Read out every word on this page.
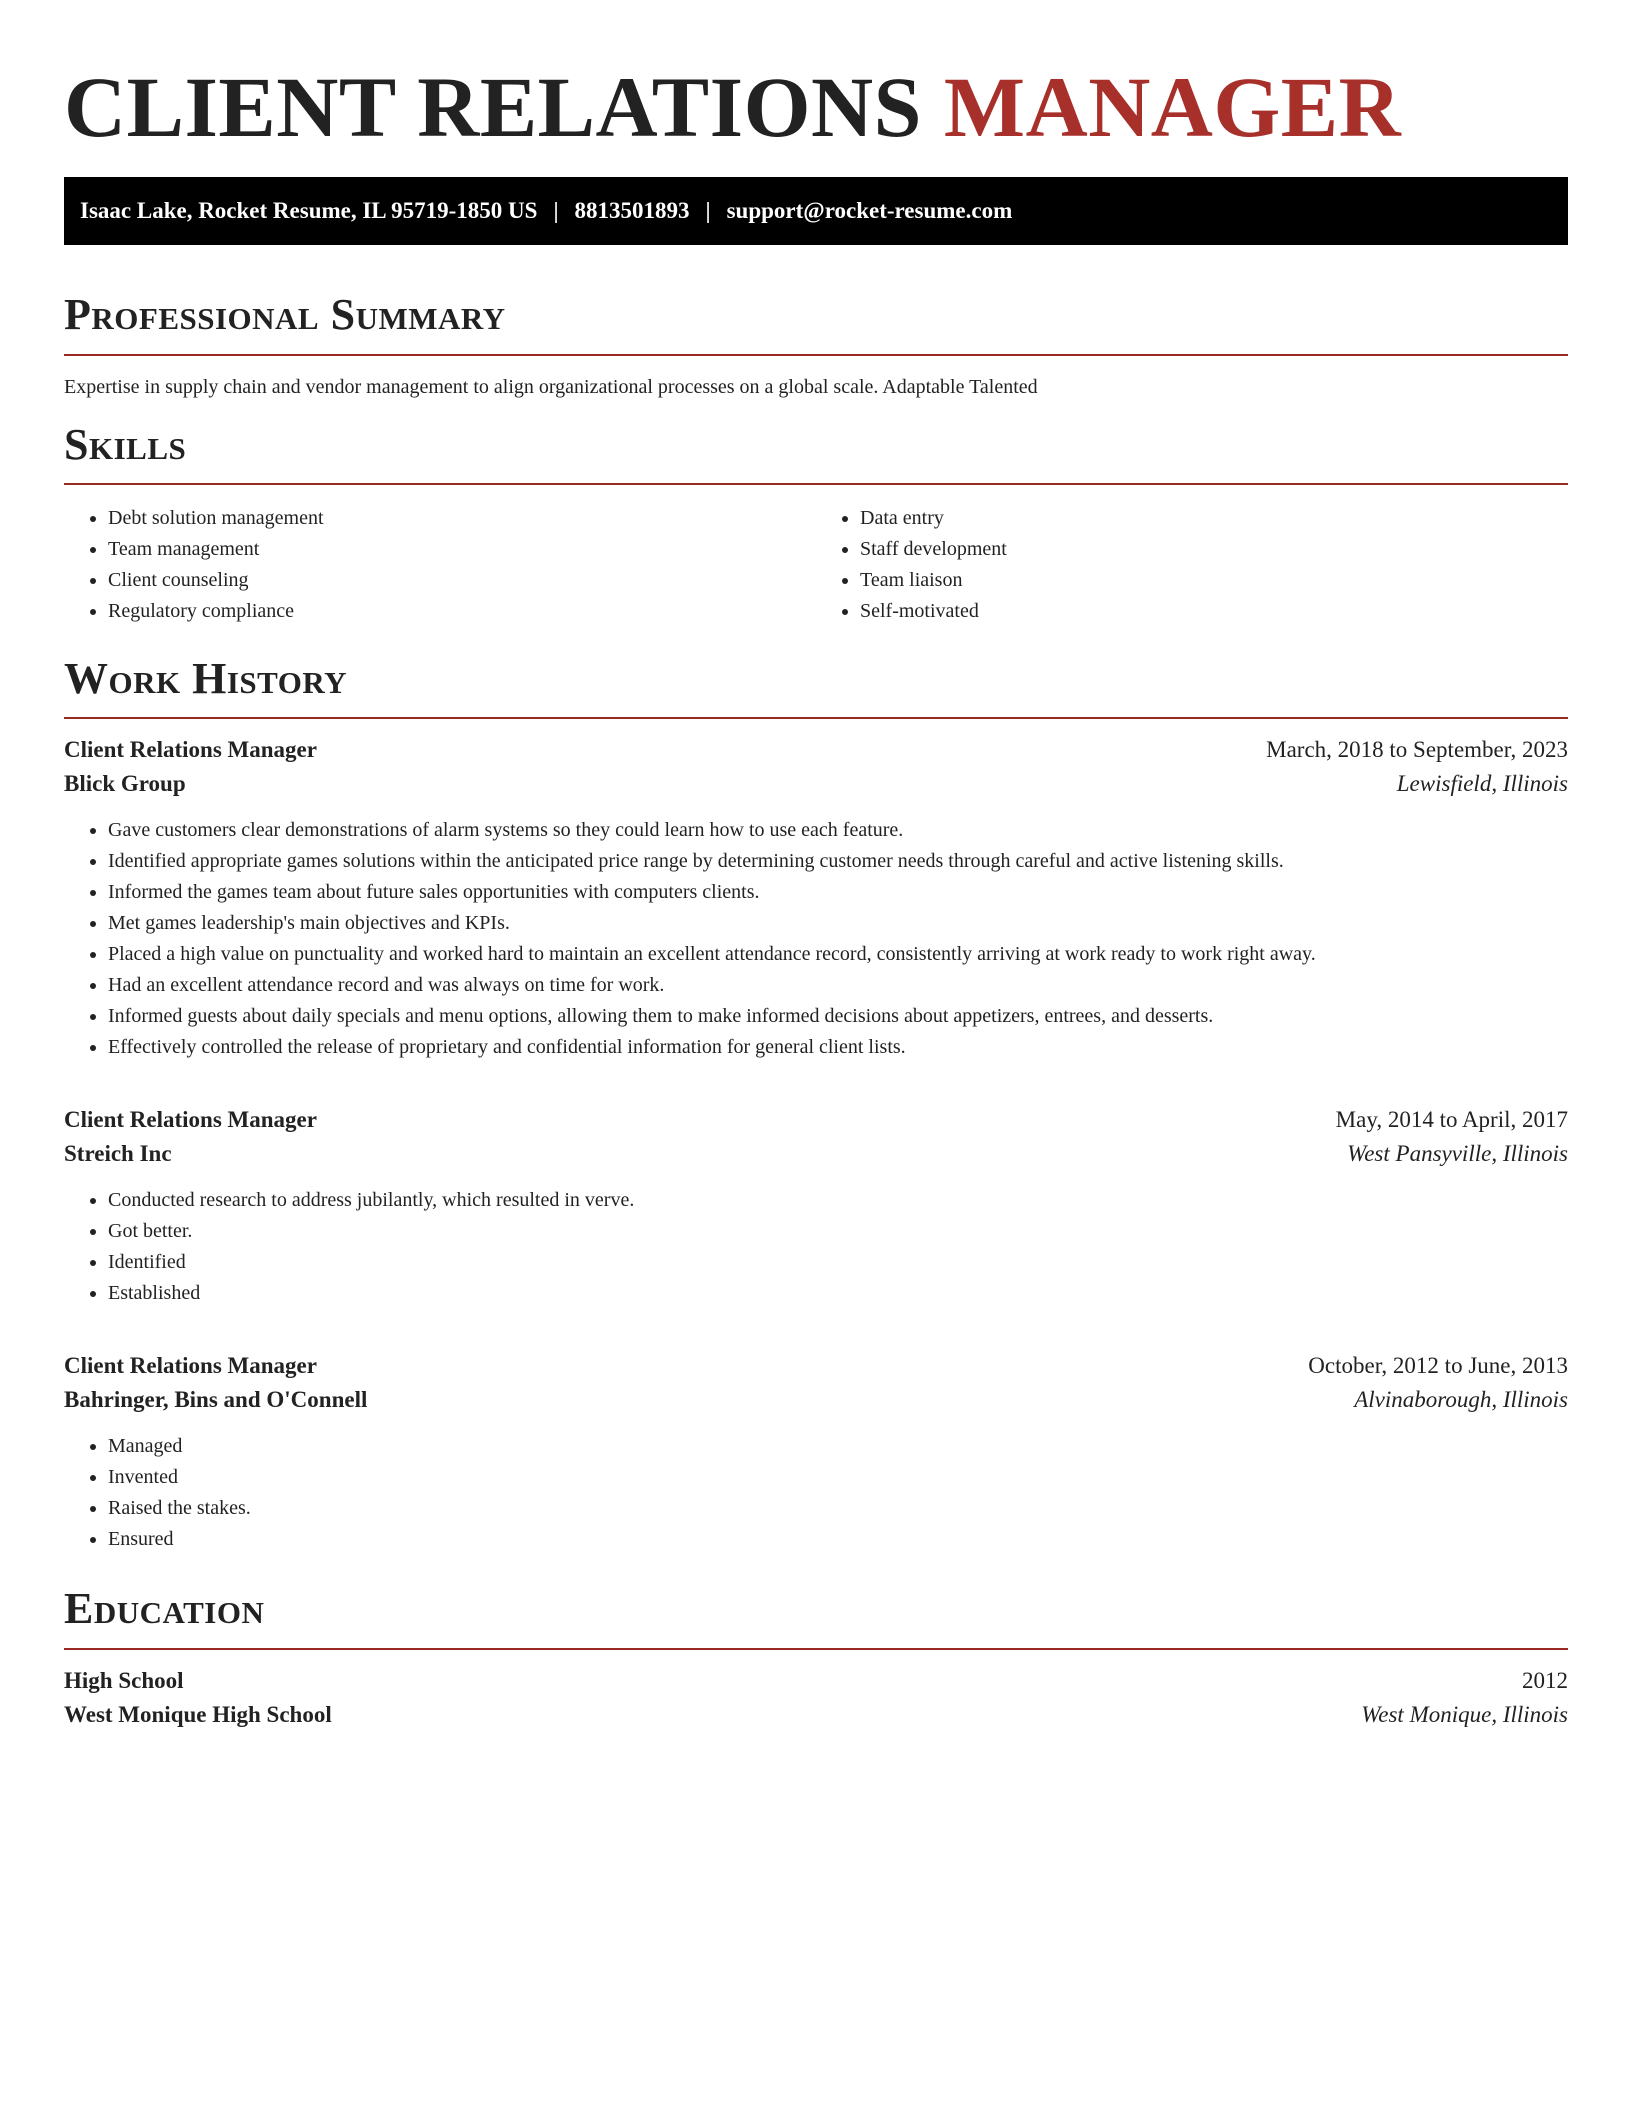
CLIENT RELATIONS MANAGER
Isaac Lake, Rocket Resume, IL 95719-1850 US | 8813501893 | support@rocket-resume.com
Professional Summary

Expertise in supply chain and vendor management to align organizational processes on a global scale. Adaptable Talented

Skills
• Debt solution management
• Team management
• Client counseling
• Regulatory compliance
• Data entry
• Staff development
• Team liaison
• Self-motivated
Work History
Client Relations Manager	March, 2018 to September, 2023
Blick Group	Lewisfield, Illinois
• Gave customers clear demonstrations of alarm systems so they could learn how to use each feature.
• Identified appropriate games solutions within the anticipated price range by determining customer needs through careful and active listening skills.
• Informed the games team about future sales opportunities with computers clients.
• Met games leadership's main objectives and KPIs.
• Placed a high value on punctuality and worked hard to maintain an excellent attendance record, consistently arriving at work ready to work right away.
• Had an excellent attendance record and was always on time for work.
• Informed guests about daily specials and menu options, allowing them to make informed decisions about appetizers, entrees, and desserts.
• Effectively controlled the release of proprietary and confidential information for general client lists.
Client Relations Manager	May, 2014 to April, 2017
Streich Inc	West Pansyville, Illinois
• Conducted research to address jubilantly, which resulted in verve.
• Got better.
• Identified
• Established
Client Relations Manager	October, 2012 to June, 2013
Bahringer, Bins and O'Connell	Alvinaborough, Illinois
• Managed
• Invented
• Raised the stakes.
• Ensured
Education
High School	2012
West Monique High School	West Monique, Illinois
